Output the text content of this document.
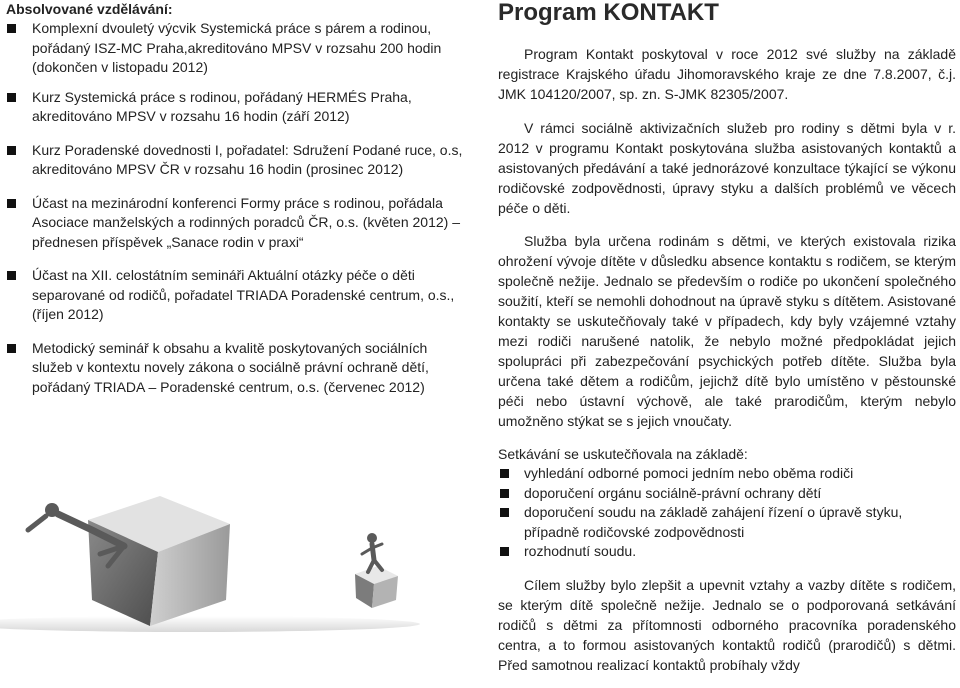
Absolvované vzdělávání:

Komplexní dvouletý výcvik Systemická práce s párem a rodinou, pořádaný ISZ-MC Praha,akreditováno MPSV v rozsahu 200 hodin (dokončen v listopadu 2012)
Kurz Systemická práce s rodinou, pořádaný HERMÉS Praha, akreditováno MPSV v rozsahu 16 hodin (září 2012)
Kurz Poradenské dovednosti I, pořadatel: Sdružení Podané ruce, o.s, akreditováno MPSV ČR v rozsahu 16 hodin (prosinec 2012)
Účast na mezinárodní konferenci Formy práce s rodinou, pořádala Asociace manželských a rodinných poradců ČR, o.s. (květen 2012) – přednesen příspěvek „Sanace rodin v praxi“
Účast na XII. celostátním semináři Aktuální otázky péče o děti separované od rodičů, pořadatel TRIADA Poradenské centrum, o.s., (říjen 2012)
Metodický seminář k obsahu a kvalitě poskytovaných sociálních služeb v kontextu novely zákona o sociálně právní ochraně dětí, pořádaný TRIADA – Poradenské centrum, o.s. (červenec 2012)
Program KONTAKT

Program Kontakt poskytoval v roce 2012 své služby na základě registrace Krajského úřadu Jihomoravského kraje ze dne 7.8.2007, č.j. JMK 104120/2007, sp. zn. S-JMK 82305/2007.

V rámci sociálně aktivizačních služeb pro rodiny s dětmi byla v r. 2012 v programu Kontakt poskytována služba asistovaných kontaktů a asistovaných předávání a také jednorázové konzultace týkající se výkonu rodičovské zodpovědnosti, úpravy styku a dalších problémů ve věcech péče o děti.

Služba byla určena rodinám s dětmi, ve kterých existovala rizika ohrožení vývoje dítěte v důsledku absence kontaktu s rodičem, se kterým společně nežije. Jednalo se především o rodiče po ukončení společného soužití, kteří se nemohli dohodnout na úpravě styku s dítětem. Asistované kontakty se uskutečňovaly také v případech, kdy byly vzájemné vztahy mezi rodiči narušené natolik, že nebylo možné předpokládat jejich spolupráci při zabezpečování psychických potřeb dítěte. Služba byla určena také dětem a rodičům, jejichž dítě bylo umístěno v pěstounské péči nebo ústavní výchově, ale také prarodičům, kterým nebylo umožněno stýkat se s jejich vnoučaty.

Setkávání se uskutečňovala na základě:

vyhledání odborné pomoci jedním nebo oběma rodiči
doporučení orgánu sociálně-právní ochrany dětí
doporučení soudu na základě zahájení řízení o úpravě styku, případně rodičovské zodpovědnosti
rozhodnutí soudu.

Cílem služby bylo zlepšit a upevnit vztahy a vazby dítěte s rodičem, se kterým dítě společně nežije. Jednalo se o podporovaná setkávání rodičů s dětmi za přítomnosti odborného pracovníka poradenského centra, a to formou asistovaných kontaktů rodičů (prarodičů) s dětmi. Před samotnou realizací kontaktů probíhaly vždy
